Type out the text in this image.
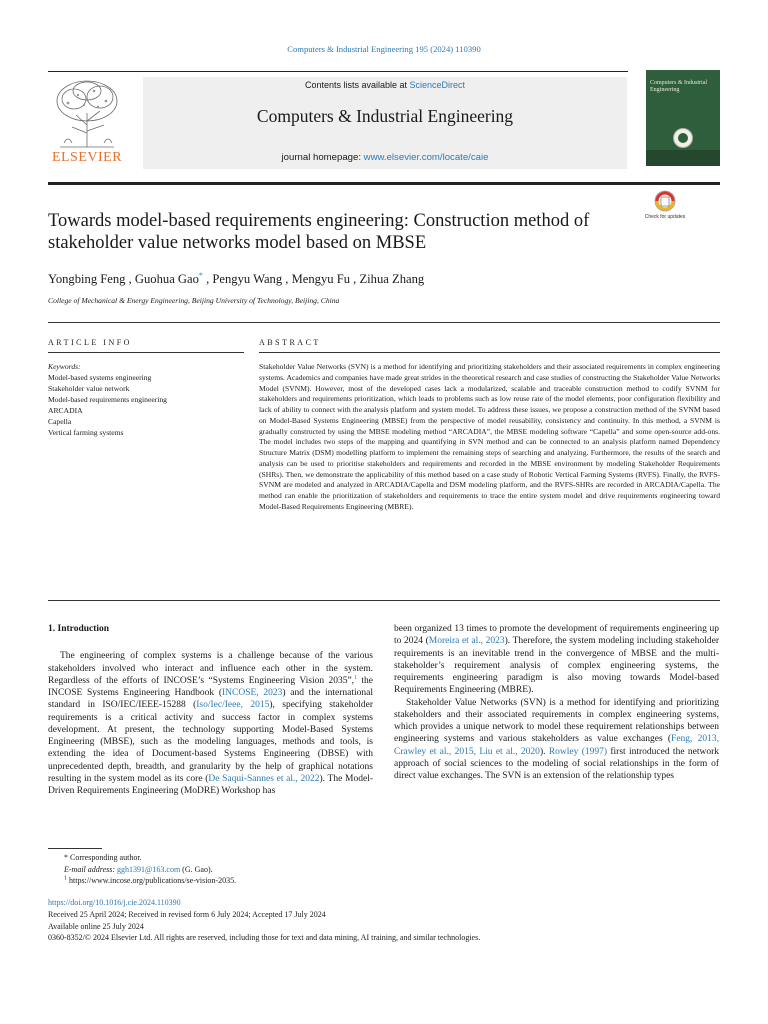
Computers & Industrial Engineering 195 (2024) 110390
ELSEVIER
Contents lists available at ScienceDirect
Computers & Industrial Engineering
journal homepage: www.elsevier.com/locate/caie
Computers & Industrial Engineering
Towards model-based requirements engineering: Construction method of stakeholder value networks model based on MBSE
Check for updates
Yongbing Feng , Guohua Gao* , Pengyu Wang , Mengyu Fu , Zihua Zhang
College of Mechanical & Energy Engineering, Beijing University of Technology, Beijing, China
ARTICLE INFO	ABSTRACT
Keywords:
Model-based systems engineering
Stakeholder value network
Model-based requirements engineering
ARCADIA
Capella
Vertical farming systems

Stakeholder Value Networks (SVN) is a method for identifying and prioritizing stakeholders and their associated requirements in complex engineering systems. Academics and companies have made great strides in the theoretical research and case studies of constructing the Stakeholder Value Networks Model (SVNM). However, most of the developed cases lack a modularized, scalable and traceable construction method to codify SVNM for stakeholders and requirements prioritization, which leads to problems such as low reuse rate of the model elements, poor configuration flexibility and lack of ability to connect with the analysis platform and system model. To address these issues, we propose a construction method of the SVNM based on Model-Based Systems Engineering (MBSE) from the perspective of model reusability, consistency and continuity. In this method, a SVNM is gradually constructed by using the MBSE modeling method “ARCADIA”, the MBSE modeling software “Capella” and some open-source add-ons. The model includes two steps of the mapping and quantifying in SVN method and can be connected to an analysis platform named Dependency Structure Matrix (DSM) modelling platform to implement the remaining steps of searching and analyzing. Furthermore, the results of the search and analysis can be used to prioritise stakeholders and requirements and recorded in the MBSE environment by modeling Stakeholder Requirements (SHRs). Then, we demonstrate the applicability of this method based on a case study of Robotic Vertical Farming Systems (RVFS). Finally, the RVFS-SVNM are modeled and analyzed in ARCADIA/Capella and DSM modeling platform, and the RVFS-SHRs are recorded in ARCADIA/Capella. The method can enable the prioritization of stakeholders and requirements to trace the entire system model and drive requirements engineering toward Model-Based Requirements Engineering (MBRE).

1. Introduction

The engineering of complex systems is a challenge because of the various stakeholders involved who interact and influence each other in the system. Regardless of the efforts of INCOSE’s “Systems Engineering Vision 2035”,$^1$ the INCOSE Systems Engineering Handbook (INCOSE, 2023) and the international standard in ISO/IEC/IEEE-15288 (Iso/Iec/Ieee, 2015), specifying stakeholder requirements is a critical activity and success factor in complex systems development. At present, the technology supporting Model-Based Systems Engineering (MBSE), such as the modeling languages, methods and tools, is extending the idea of Document-based Systems Engineering (DBSE) with unprecedented depth, breadth, and granularity by the help of graphical notations resulting in the system model as its core (De Saqui-Sannes et al., 2022). The Model-Driven Requirements Engineering (MoDRE) Workshop has

been organized 13 times to promote the development of requirements engineering up to 2024 (Moreira et al., 2023). Therefore, the system modeling including stakeholder requirements is an inevitable trend in the convergence of MBSE and the multi-stakeholder’s requirement analysis of complex engineering systems, the requirements engineering paradigm is also moving towards Model-based Requirements Engineering (MBRE).

Stakeholder Value Networks (SVN) is a method for identifying and prioritizing stakeholders and their associated requirements in complex engineering systems, which provides a unique network to model these requirement relationships between engineering systems and various stakeholders as value exchanges (Feng, 2013, Crawley et al., 2015, Liu et al., 2020). Rowley (1997) first introduced the network approach of social sciences to the modeling of social relationships in the form of direct value exchanges. The SVN is an extension of the relationship types

* Corresponding author.
E-mail address: ggh1391@163.com (G. Gao).
$^1$ https://www.incose.org/publications/se-vision-2035.
https://doi.org/10.1016/j.cie.2024.110390
Received 25 April 2024; Received in revised form 6 July 2024; Accepted 17 July 2024
Available online 25 July 2024
0360-8352/© 2024 Elsevier Ltd. All rights are reserved, including those for text and data mining, AI training, and similar technologies.
